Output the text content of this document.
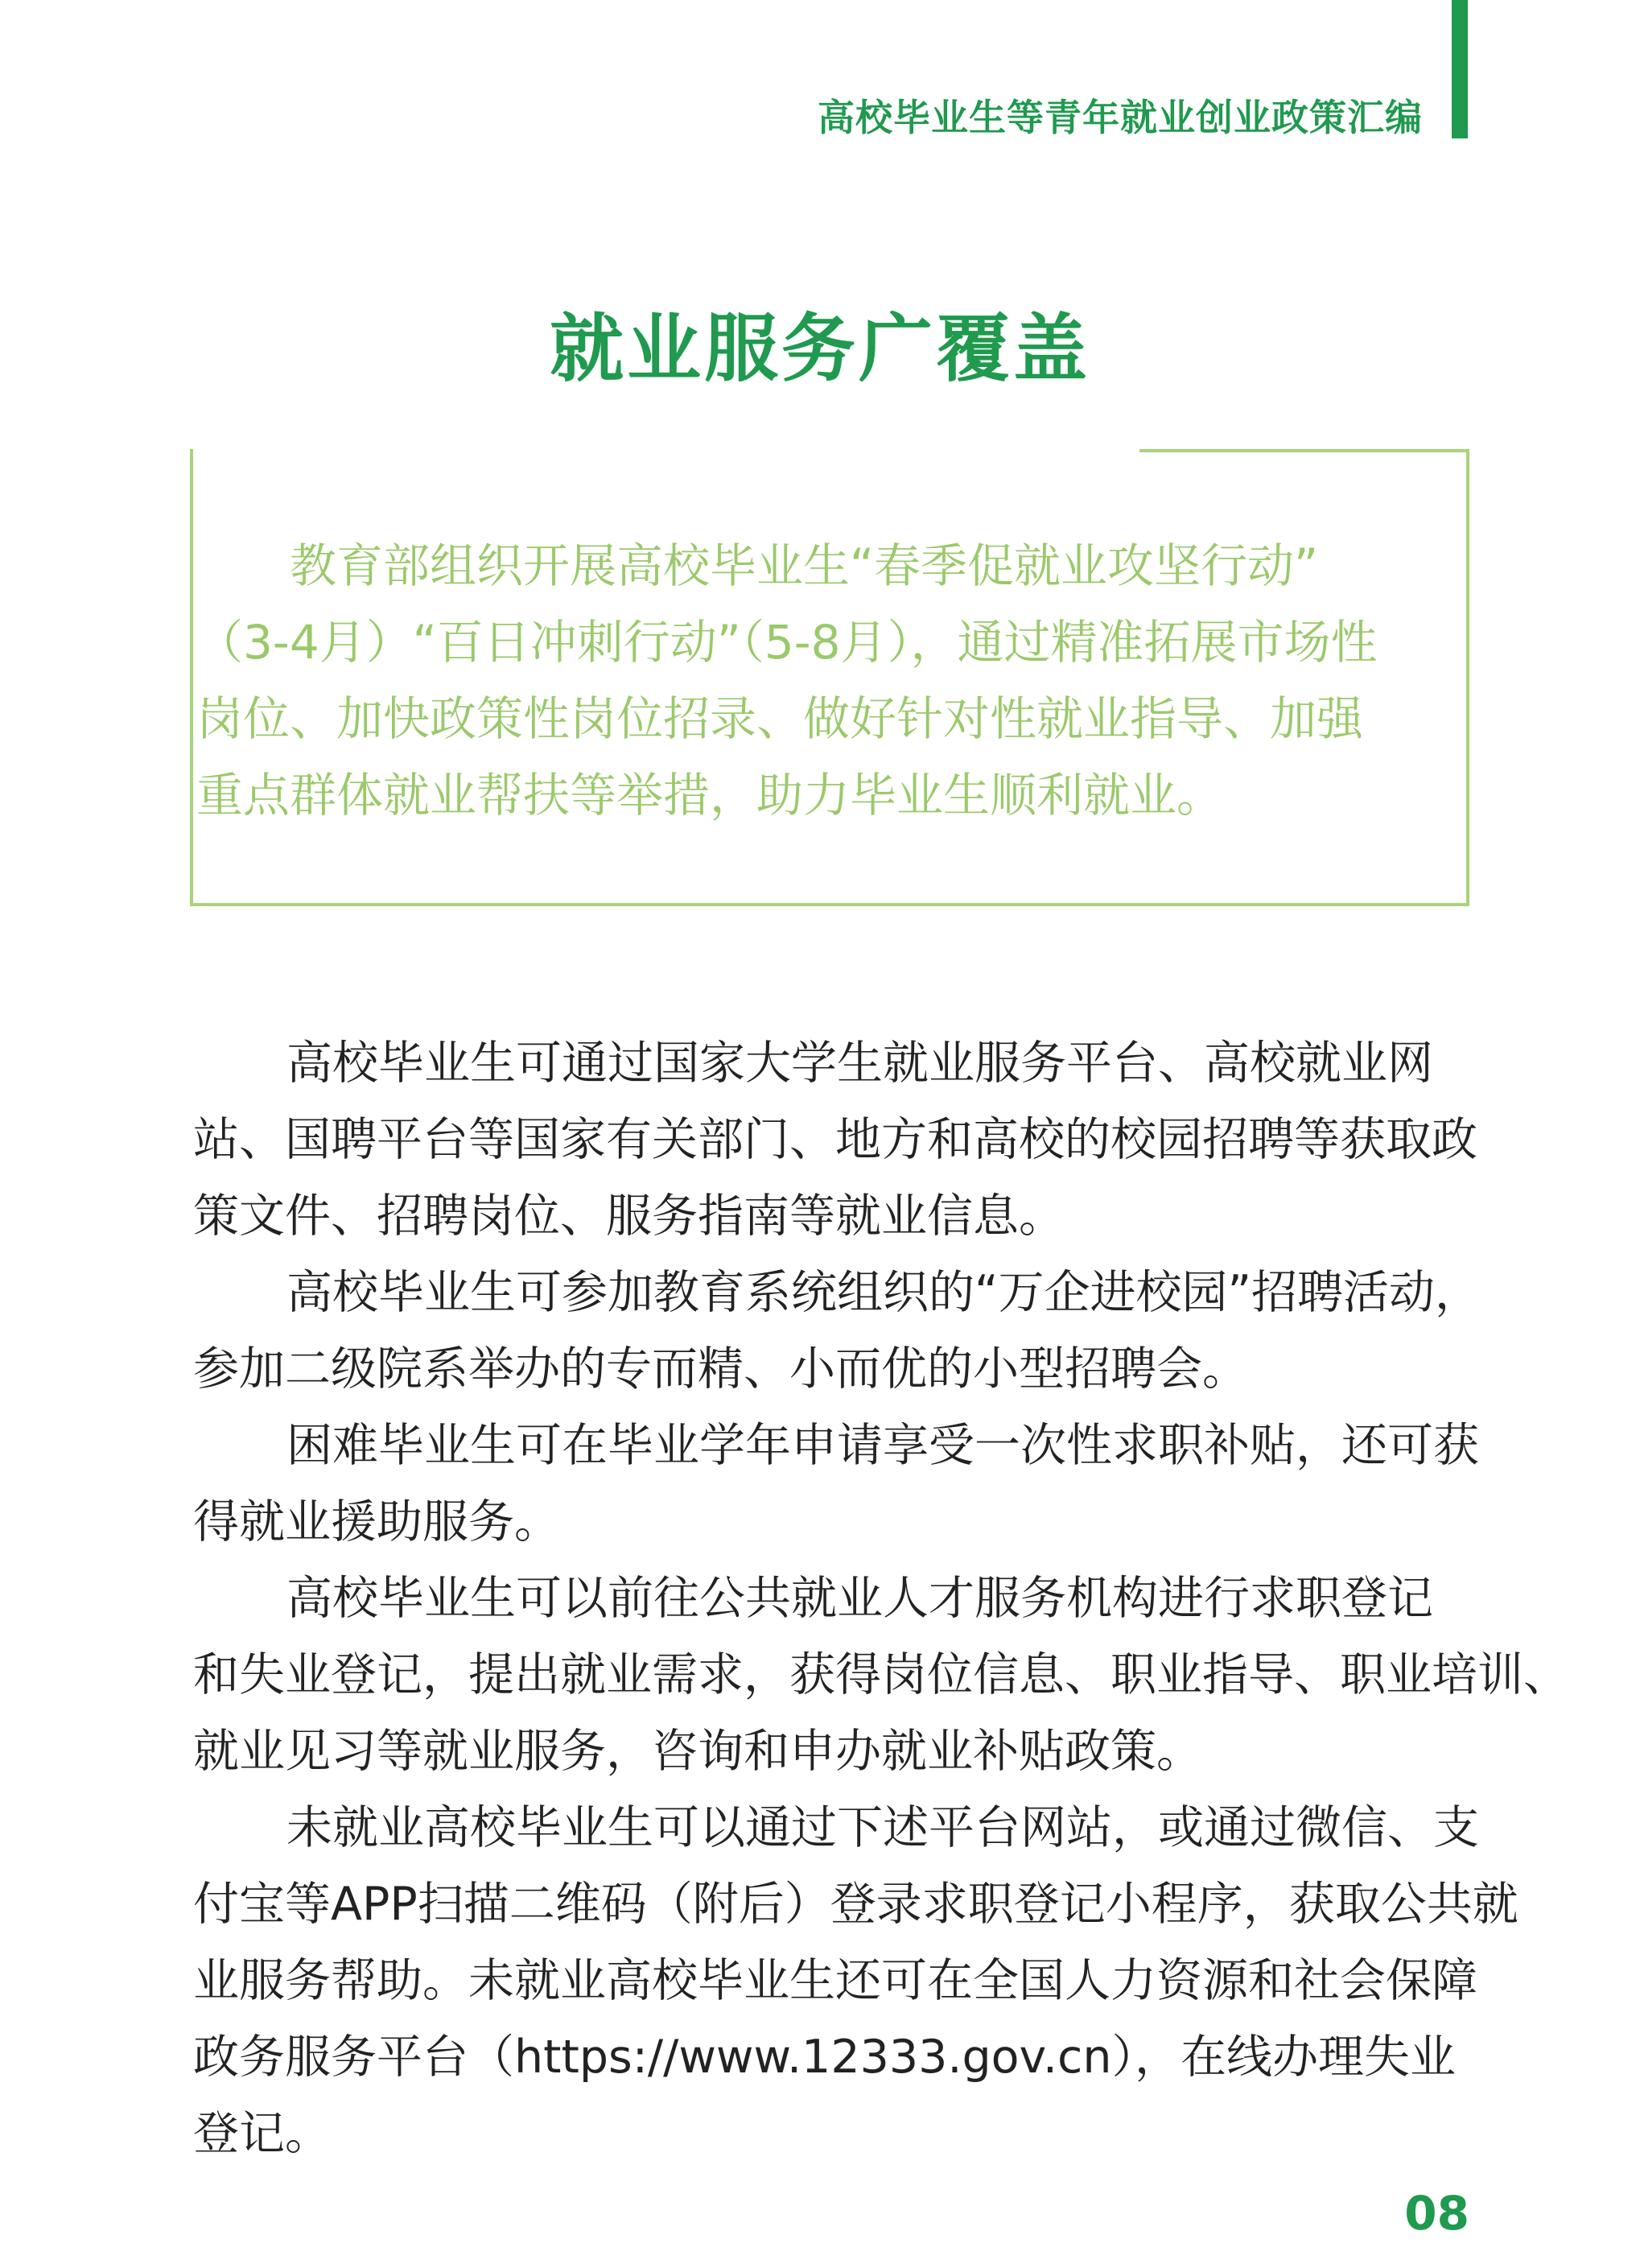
高校毕业生等青年就业创业政策汇编
就业服务广覆盖
教育部组织开展高校毕业生“春季促就业攻坚行动”
（3-4月）“百日冲刺行动”（5-8月），通过精准拓展市场性
岗位、加快政策性岗位招录、做好针对性就业指导、加强
重点群体就业帮扶等举措，助力毕业生顺利就业。
高校毕业生可通过国家大学生就业服务平台、高校就业网
站、国聘平台等国家有关部门、地方和高校的校园招聘等获取政
策文件、招聘岗位、服务指南等就业信息。
高校毕业生可参加教育系统组织的“万企进校园”招聘活动，
参加二级院系举办的专而精、小而优的小型招聘会。
困难毕业生可在毕业学年申请享受一次性求职补贴，还可获
得就业援助服务。
高校毕业生可以前往公共就业人才服务机构进行求职登记
和失业登记，提出就业需求，获得岗位信息、职业指导、职业培训、
就业见习等就业服务，咨询和申办就业补贴政策。
未就业高校毕业生可以通过下述平台网站，或通过微信、支
付宝等APP扫描二维码（附后）登录求职登记小程序，获取公共就
业服务帮助。未就业高校毕业生还可在全国人力资源和社会保障
政务服务平台（https://www.12333.gov.cn），在线办理失业
登记。
08
